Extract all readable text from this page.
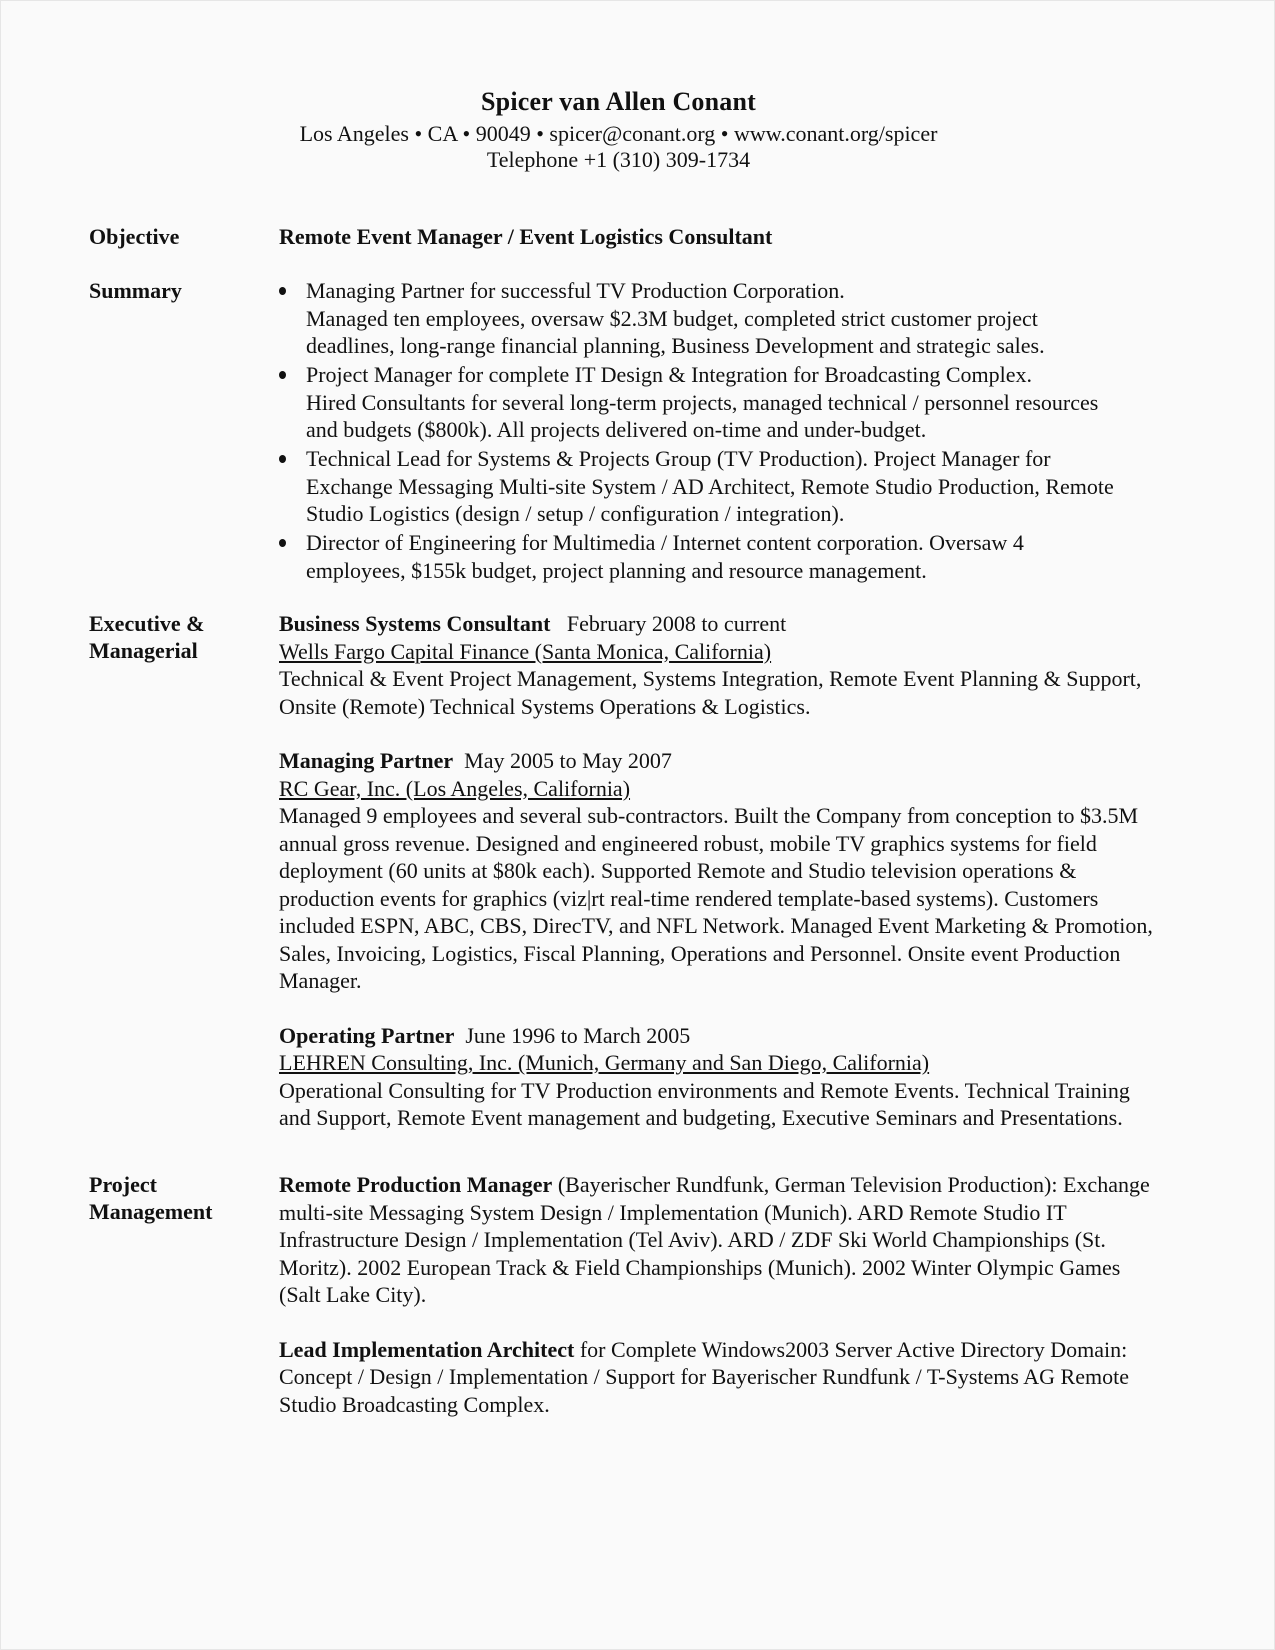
Spicer van Allen Conant
Los Angeles • CA • 90049 • spicer@conant.org • www.conant.org/spicer
Telephone +1 (310) 309-1734
Objective	Remote Event Manager / Event Logistics Consultant
Summary	Managing Partner for successful TV Production Corporation.
Managed ten employees, oversaw $2.3M budget, completed strict customer project deadlines, long-range financial planning, Business Development and strategic sales.
Project Manager for complete IT Design & Integration for Broadcasting Complex.
Hired Consultants for several long-term projects, managed technical / personnel resources and budgets ($800k). All projects delivered on-time and under-budget.
Technical Lead for Systems & Projects Group (TV Production). Project Manager for Exchange Messaging Multi-site System / AD Architect, Remote Studio Production, Remote Studio Logistics (design / setup / configuration / integration).
Director of Engineering for Multimedia / Internet content corporation. Oversaw 4 employees, $155k budget, project planning and resource management.
Executive &
Managerial

Business Systems Consultant February 2008 to current

Wells Fargo Capital Finance (Santa Monica, California)

Technical & Event Project Management, Systems Integration, Remote Event Planning & Support, Onsite (Remote) Technical Systems Operations & Logistics.

Managing Partner May 2005 to May 2007

RC Gear, Inc. (Los Angeles, California)

Managed 9 employees and several sub-contractors. Built the Company from conception to $3.5M annual gross revenue. Designed and engineered robust, mobile TV graphics systems for field deployment (60 units at $80k each). Supported Remote and Studio television operations & production events for graphics (viz|rt real-time rendered template-based systems). Customers included ESPN, ABC, CBS, DirecTV, and NFL Network. Managed Event Marketing & Promotion, Sales, Invoicing, Logistics, Fiscal Planning, Operations and Personnel. Onsite event Production Manager.

Operating Partner June 1996 to March 2005

LEHREN Consulting, Inc. (Munich, Germany and San Diego, California)

Operational Consulting for TV Production environments and Remote Events. Technical Training and Support, Remote Event management and budgeting, Executive Seminars and Presentations.

Project
Management

Remote Production Manager (Bayerischer Rundfunk, German Television Production): Exchange multi-site Messaging System Design / Implementation (Munich). ARD Remote Studio IT Infrastructure Design / Implementation (Tel Aviv). ARD / ZDF Ski World Championships (St. Moritz). 2002 European Track & Field Championships (Munich). 2002 Winter Olympic Games (Salt Lake City).

Lead Implementation Architect for Complete Windows2003 Server Active Directory Domain: Concept / Design / Implementation / Support for Bayerischer Rundfunk / T-Systems AG Remote Studio Broadcasting Complex.
